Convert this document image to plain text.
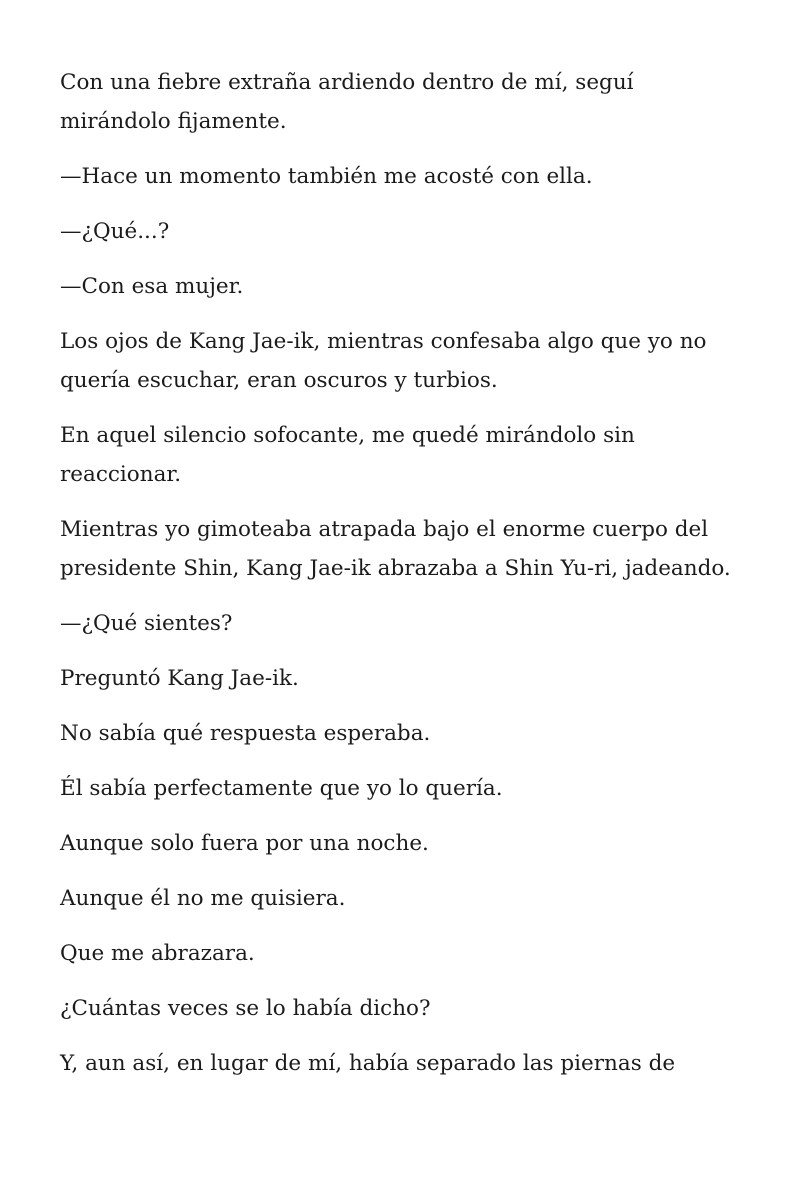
Con una fiebre extraña ardiendo dentro de mí, seguí mirándolo fijamente.

—Hace un momento también me acosté con ella.

—¿Qué...?

—Con esa mujer.

Los ojos de Kang Jae-ik, mientras confesaba algo que yo no quería escuchar, eran oscuros y turbios.

En aquel silencio sofocante, me quedé mirándolo sin reaccionar.

Mientras yo gimoteaba atrapada bajo el enorme cuerpo del presidente Shin, Kang Jae-ik abrazaba a Shin Yu-ri, jadeando.

—¿Qué sientes?

Preguntó Kang Jae-ik.

No sabía qué respuesta esperaba.

Él sabía perfectamente que yo lo quería.

Aunque solo fuera por una noche.

Aunque él no me quisiera.

Que me abrazara.

¿Cuántas veces se lo había dicho?

Y, aun así, en lugar de mí, había separado las piernas de
